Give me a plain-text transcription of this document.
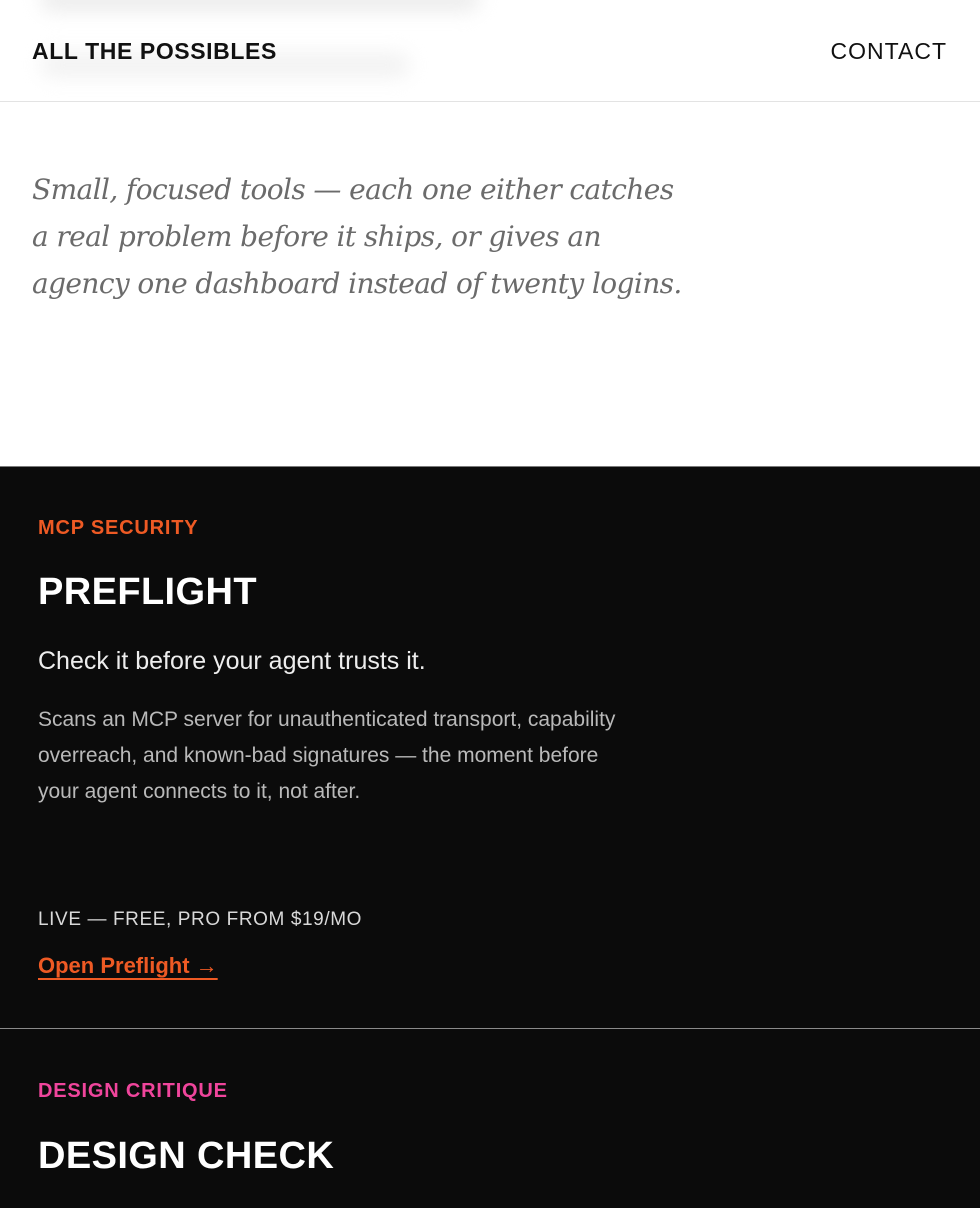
ALL THE POSSIBLES	CONTACT

Small, focused tools — each one either catches a real problem before it ships, or gives an agency one dashboard instead of twenty logins.

MCP SECURITY

PREFLIGHT

Check it before your agent trusts it.

Scans an MCP server for unauthenticated transport, capability overreach, and known-bad signatures — the moment before your agent connects to it, not after.

LIVE — FREE, PRO FROM $19/MO

Open Preflight →

DESIGN CRITIQUE

DESIGN CHECK
